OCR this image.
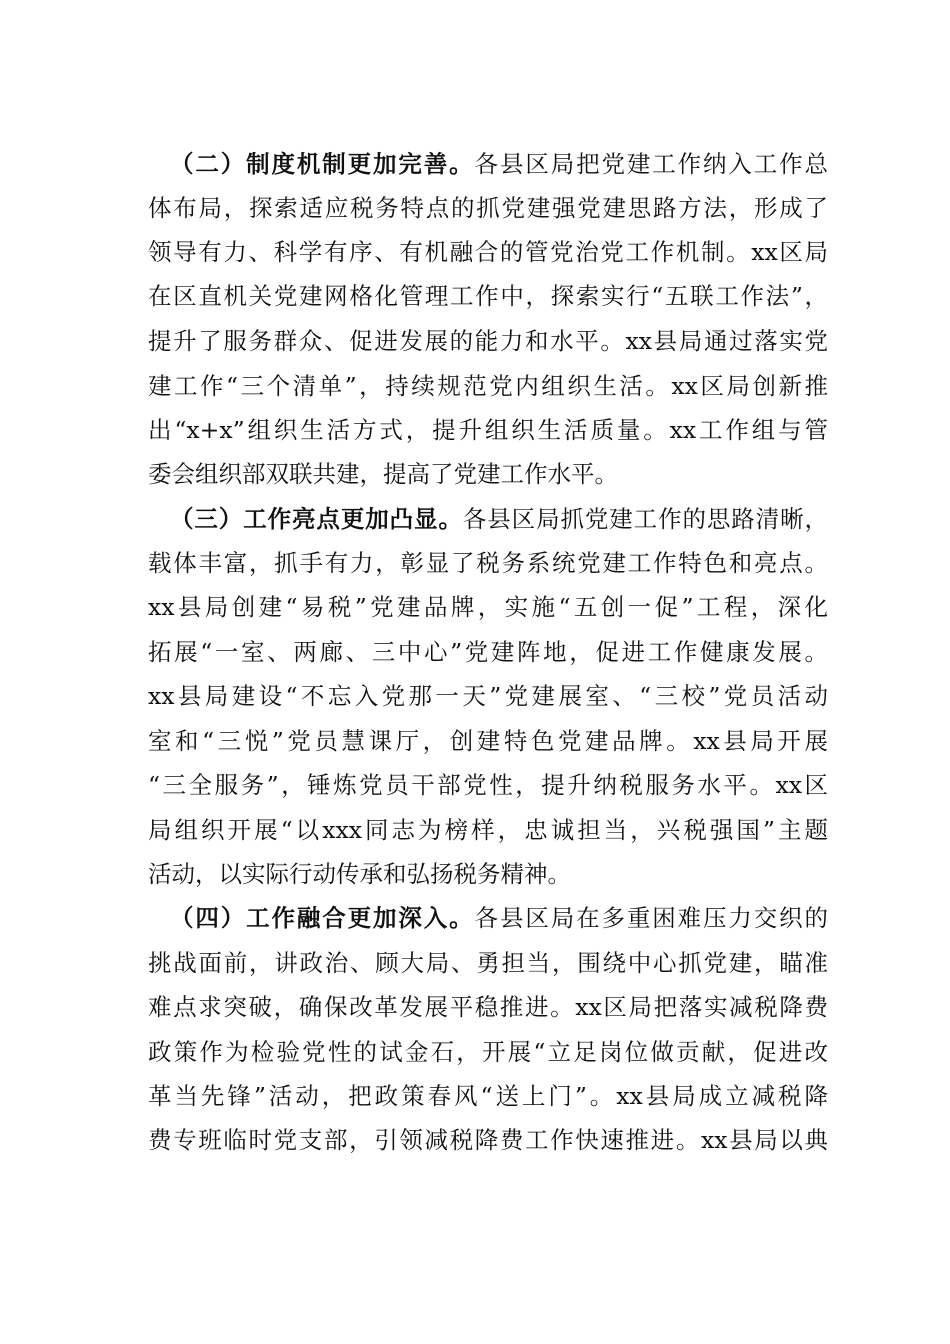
（二）制度机制更加完善。各县区局把党建工作纳入工作总
体布局，探索适应税务特点的抓党建强党建思路方法，形成了
领导有力、科学有序、有机融合的管党治党工作机制。xx区局
在区直机关党建网格化管理工作中，探索实行“五联工作法”，
提升了服务群众、促进发展的能力和水平。xx县局通过落实党
建工作“三个清单”，持续规范党内组织生活。xx区局创新推
出“x+x”组织生活方式，提升组织生活质量。xx工作组与管
委会组织部双联共建，提高了党建工作水平。
（三）工作亮点更加凸显。各县区局抓党建工作的思路清晰，
载体丰富，抓手有力，彰显了税务系统党建工作特色和亮点。
xx县局创建“易税”党建品牌，实施“五创一促”工程，深化
拓展“一室、两廊、三中心”党建阵地，促进工作健康发展。
xx县局建设“不忘入党那一天”党建展室、“三校”党员活动
室和“三悦”党员慧课厅，创建特色党建品牌。xx县局开展
“三全服务”，锤炼党员干部党性，提升纳税服务水平。xx区
局组织开展“以xxx同志为榜样，忠诚担当，兴税强国”主题
活动，以实际行动传承和弘扬税务精神。
（四）工作融合更加深入。各县区局在多重困难压力交织的
挑战面前，讲政治、顾大局、勇担当，围绕中心抓党建，瞄准
难点求突破，确保改革发展平稳推进。xx区局把落实减税降费
政策作为检验党性的试金石，开展“立足岗位做贡献，促进改
革当先锋”活动，把政策春风“送上门”。xx县局成立减税降
费专班临时党支部，引领减税降费工作快速推进。xx县局以典
